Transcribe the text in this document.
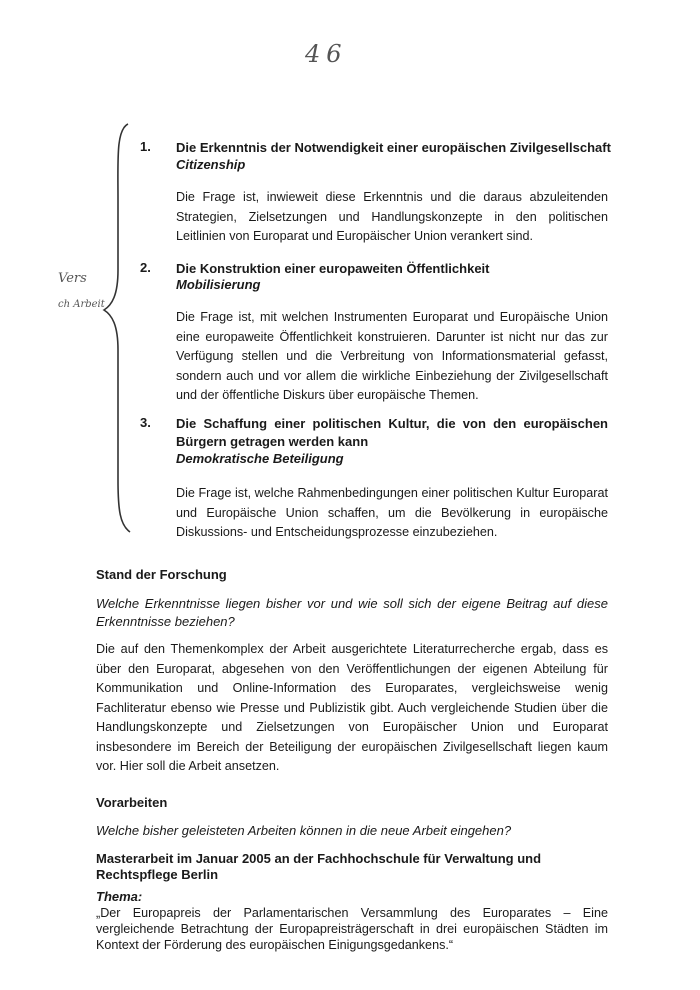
46
Vers
ch Arbeit
1. Die Erkenntnis der Notwendigkeit einer europäischen Zivilgesellschaft
Citizenship
Die Frage ist, inwieweit diese Erkenntnis und die daraus abzuleitenden Strategien, Zielsetzungen und Handlungskonzepte in den politischen Leitlinien von Europarat und Europäischer Union verankert sind.
2. Die Konstruktion einer europaweiten Öffentlichkeit
Mobilisierung
Die Frage ist, mit welchen Instrumenten Europarat und Europäische Union eine europaweite Öffentlichkeit konstruieren. Darunter ist nicht nur das zur Verfügung stellen und die Verbreitung von Informationsmaterial gefasst, sondern auch und vor allem die wirkliche Einbeziehung der Zivilgesellschaft und der öffentliche Diskurs über europäische Themen.
3. Die Schaffung einer politischen Kultur, die von den europäischen Bürgern getragen werden kann
Demokratische Beteiligung
Die Frage ist, welche Rahmenbedingungen einer politischen Kultur Europarat und Europäische Union schaffen, um die Bevölkerung in europäische Diskussions- und Entscheidungsprozesse einzubeziehen.
Stand der Forschung
Welche Erkenntnisse liegen bisher vor und wie soll sich der eigene Beitrag auf diese Erkenntnisse beziehen?
Die auf den Themenkomplex der Arbeit ausgerichtete Literaturrecherche ergab, dass es über den Europarat, abgesehen von den Veröffentlichungen der eigenen Abteilung für Kommunikation und Online-Information des Europarates, vergleichsweise wenig Fachliteratur ebenso wie Presse und Publizistik gibt. Auch vergleichende Studien über die Handlungskonzepte und Zielsetzungen von Europäischer Union und Europarat insbesondere im Bereich der Beteiligung der europäischen Zivilgesellschaft liegen kaum vor. Hier soll die Arbeit ansetzen.
Vorarbeiten
Welche bisher geleisteten Arbeiten können in die neue Arbeit eingehen?
Masterarbeit im Januar 2005 an der Fachhochschule für Verwaltung und Rechtspflege Berlin
Thema:
„Der Europapreis der Parlamentarischen Versammlung des Europarates – Eine vergleichende Betrachtung der Europapreisträgerschaft in drei europäischen Städten im Kontext der Förderung des europäischen Einigungsgedankens.“
